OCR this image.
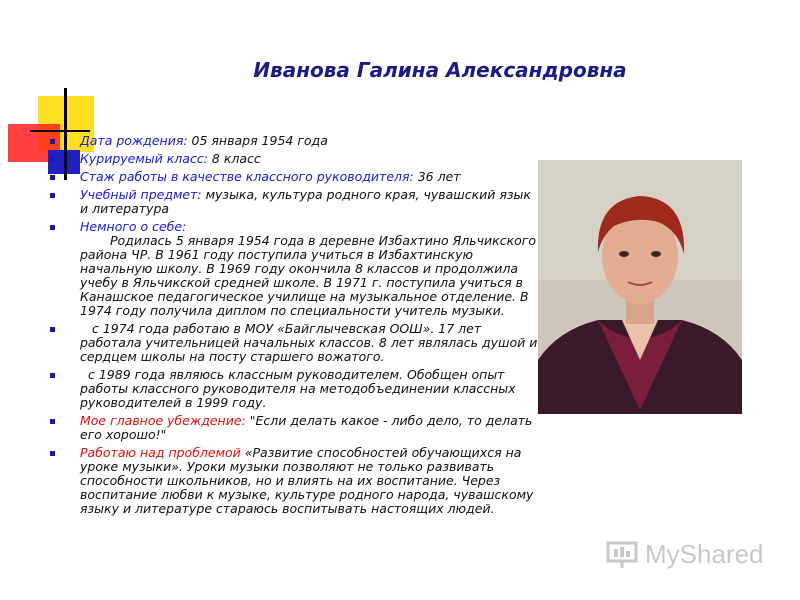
Иванова Галина Александровна
Дата рождения: 05 января 1954 года
Курируемый класс: 8 класс
Стаж работы в качестве классного руководителя: 36 лет
Учебный предмет: музыка, культура родного края, чувашский язык и литература
Немного о себе:
Родилась 5 января 1954 года в деревне Избахтино Яльчикского района ЧР. В 1961 году поступила учиться в Избахтинскую начальную школу. В 1969 году окончила 8 классов и продолжила учебу в Яльчикской средней школе. В 1971 г. поступила учиться в Канашское педагогическое училище на музыкальное отделение. В 1974 году получила диплом по специальности учитель музыки.
с 1974 года работаю в МОУ «Байглычевская ООШ». 17 лет работала учительницей начальных классов. 8 лет являлась душой и сердцем школы на посту старшего вожатого.
с 1989 года являюсь классным руководителем. Обобщен опыт работы классного руководителя на методобъединении классных руководителей в 1999 году.
Мое главное убеждение: "Если делать какое - либо дело, то делать его хорошо!"
Работаю над проблемой «Развитие способностей обучающихся на уроке музыки». Уроки музыки позволяют не только развивать способности школьников, но и влиять на их воспитание. Через воспитание любви к музыке, культуре родного народа, чувашскому языку и литературе стараюсь воспитывать настоящих людей.
MyShared
